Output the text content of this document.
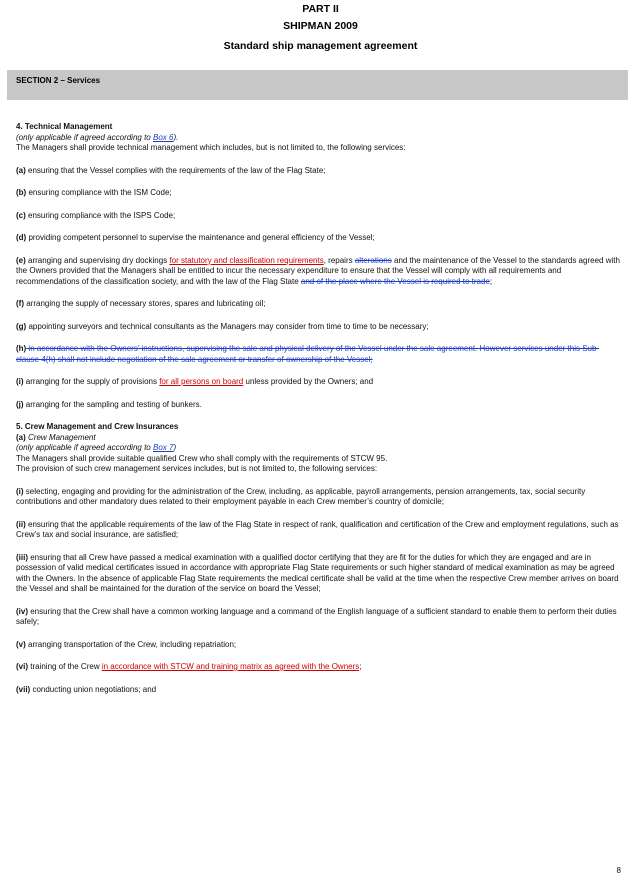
PART II
SHIPMAN 2009
Standard ship management agreement
SECTION 2 – Services

4. Technical Management

(only applicable if agreed according to Box 6).

The Managers shall provide technical management which includes, but is not limited to, the following services:

(a) ensuring that the Vessel complies with the requirements of the law of the Flag State;

(b) ensuring compliance with the ISM Code;

(c) ensuring compliance with the ISPS Code;

(d) providing competent personnel to supervise the maintenance and general efficiency of the Vessel;

(e) arranging and supervising dry dockings for statutory and classification requirements, repairs alterations and the maintenance of the Vessel to the standards agreed with the Owners provided that the Managers shall be entitled to incur the necessary expenditure to ensure that the Vessel will comply with all requirements and recommendations of the classification society, and with the law of the Flag State and of the place where the Vessel is required to trade;

(f) arranging the supply of necessary stores, spares and lubricating oil;

(g) appointing surveyors and technical consultants as the Managers may consider from time to time to be necessary;

(h) in accordance with the Owners’ instructions, supervising the sale and physical delivery of the Vessel under the sale agreement. However services under this Sub-clause 4(h) shall not include negotiation of the sale agreement or transfer of ownership of the Vessel;

(i) arranging for the supply of provisions for all persons on board unless provided by the Owners; and

(j) arranging for the sampling and testing of bunkers.

5. Crew Management and Crew Insurances

(a) Crew Management

(only applicable if agreed according to Box 7)

The Managers shall provide suitable qualified Crew who shall comply with the requirements of STCW 95.

The provision of such crew management services includes, but is not limited to, the following services:

(i) selecting, engaging and providing for the administration of the Crew, including, as applicable, payroll arrangements, pension arrangements, tax, social security contributions and other mandatory dues related to their employment payable in each Crew member’s country of domicile;

(ii) ensuring that the applicable requirements of the law of the Flag State in respect of rank, qualification and certification of the Crew and employment regulations, such as Crew’s tax and social insurance, are satisfied;

(iii) ensuring that all Crew have passed a medical examination with a qualified doctor certifying that they are fit for the duties for which they are engaged and are in possession of valid medical certificates issued in accordance with appropriate Flag State requirements or such higher standard of medical examination as may be agreed with the Owners. In the absence of applicable Flag State requirements the medical certificate shall be valid at the time when the respective Crew member arrives on board the Vessel and shall be maintained for the duration of the service on board the Vessel;

(iv) ensuring that the Crew shall have a common working language and a command of the English language of a sufficient standard to enable them to perform their duties safely;

(v) arranging transportation of the Crew, including repatriation;

(vi) training of the Crew in accordance with STCW and training matrix as agreed with the Owners;

(vii) conducting union negotiations; and

8
